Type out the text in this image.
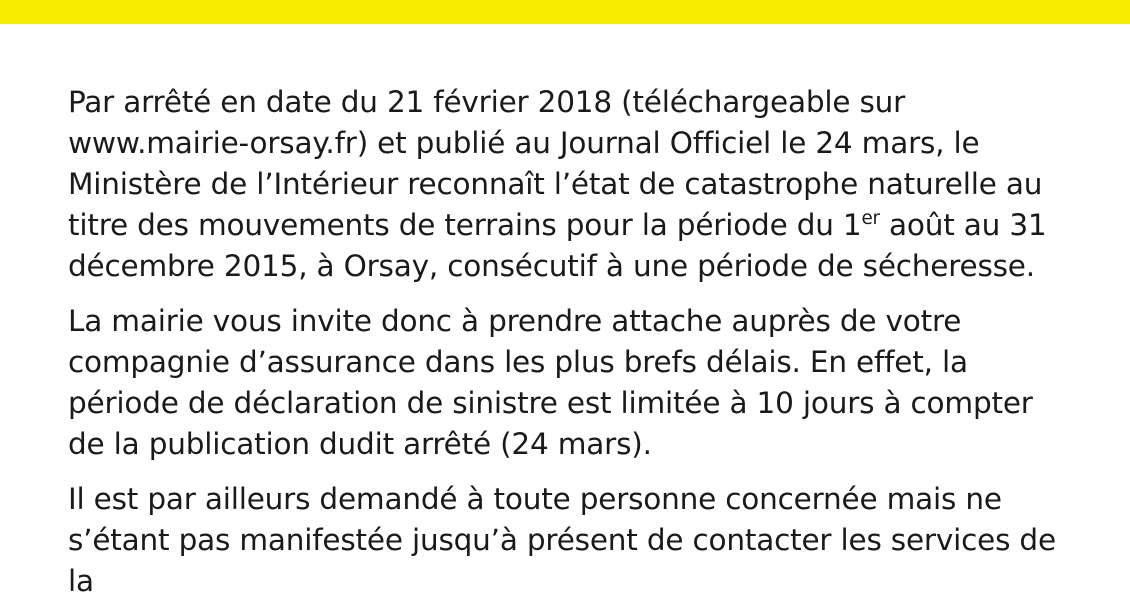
Par arrêté en date du 21 février 2018 (téléchargeable sur www.mairie-orsay.fr) et publié au Journal Officiel le 24 mars, le Ministère de l’Intérieur reconnaît l’état de catastrophe naturelle au titre des mouvements de terrains pour la période du 1er août au 31 décembre 2015, à Orsay, consécutif à une période de sécheresse.

La mairie vous invite donc à prendre attache auprès de votre compagnie d’assurance dans les plus brefs délais. En effet, la période de déclaration de sinistre est limitée à 10 jours à compter de la publication dudit arrêté (24 mars).

Il est par ailleurs demandé à toute personne concernée mais ne s’étant pas manifestée jusqu’à présent de contacter les services de la
